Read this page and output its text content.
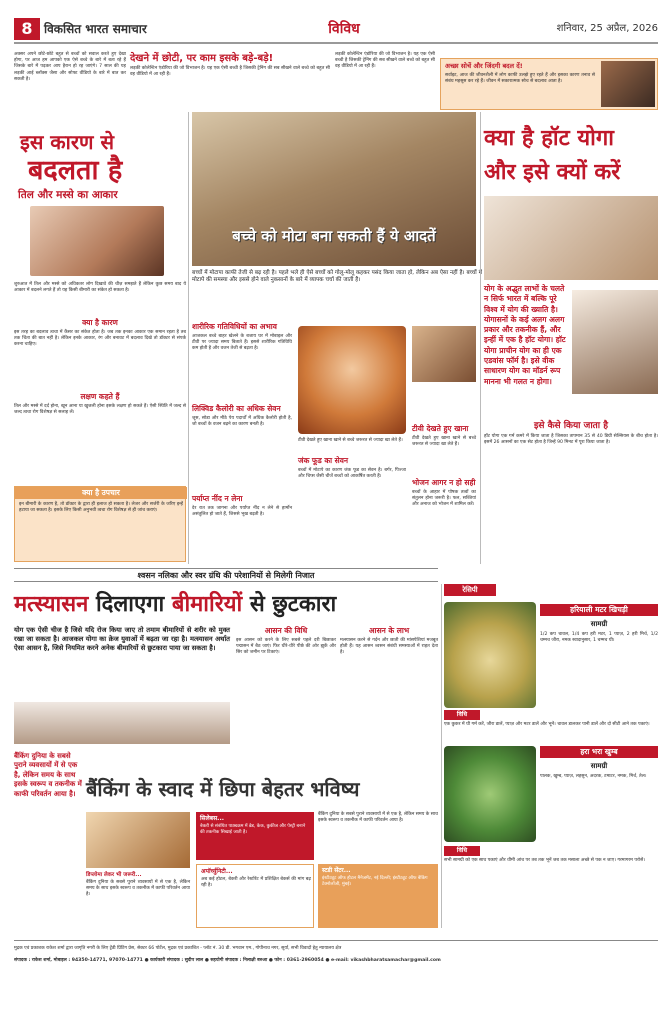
8 विकसित भारत समाचार	विविध	शनिवार, 25 अप्रैल, 2026
अक्सर अपने छोटे-छोटे बहुत से बच्चों को सवाल करते हुए देखा होगा, पर आज हम आपको एक ऐसे बच्चे के बारे में बता रहे हैं जिसके बारे में पढ़कर आप हैरान हो रह जाएंगे। 7 साल की यह लड़की आई ब्लॉक्स जैसा और सोफ्ट वीडियो के बारे में बात कर सकती है।
देखने में छोटी, पर काम इसके बड़े-बड़े!
लड़की कोलेन्टिन एंडोरिया की जो विभाजन है। यह एक ऐसी बच्ची है जिसकी ट्रेनिंग की सब सीखने वाले बच्चे को बहुत सी वह वीडियो में आ रही हैं।
लड़की कोलेन्टिन एंडोरिया की जो विभाजन है। यह एक ऐसी बच्ची है जिसकी ट्रेनिंग की सब सीखने वाले बच्चे को बहुत सी वह वीडियो में आ रही हैं।	अच्छा सोचें और जिंदगी बदल दें!
सर्वाइट, आज की जीवनशैली में लोग काफी उलझे हुए रहते हैं और इसका कारण तनाव से संबंध महसूस कर रहे हैं। जीवन में सकारात्मक सोच से बदलाव आता है।
इस कारण से
बदलता है
तिल और मस्से का आकार
शुरुआत में तिल और मस्से को अधिकतर लोग दिखावे की चीज़ समझते हैं लेकिन कुछ समय बाद ये आकार में बदलने लगते हैं तो यह किसी बीमारी का संकेत हो सकता है।
क्या है कारण
इस तरह का बदलाव त्वचा में कैंसर का संकेत होता है। जब तक इनका आकार एक समान रहता है तब तक चिंता की बात नहीं है। लेकिन इनके आकार, रंग और बनावट में बदलाव दिखे तो डॉक्टर से संपर्क करना चाहिए।
लक्षण कहते हैं
तिल और मस्से में दर्द होना, खून आना या खुजली होना इसके लक्षण हो सकते हैं। ऐसी स्थिति में जल्द से जल्द त्वचा रोग विशेषज्ञ से सलाह लें।
क्या है उपचार
इन बीमारी के कारण है, तो डॉक्टर के द्वारा ही इलाज हो सकता है। लेजर और सर्जरी के जरिए इन्हें हटाया जा सकता है। इसके लिए किसी अनुभवी त्वचा रोग विशेषज्ञ से ही जांच कराएं।
बच्चे को मोटा बना सकती हैं ये आदतें
बच्चों में मोटापा काफी तेजी से बढ़ रही है। पहले भले ही ऐसे बच्चों को गोलू-मोलू कहकर पसंद किया जाता हो, लेकिन अब ऐसा नहीं है। बच्चों में मोटापे की समस्या और इससे होने वाले नुकसानों के बारे में व्यापक चर्चा की जाती है।
शारीरिक गतिविधियों का अभाव
आजकल बच्चे बाहर खेलने के बजाय घर में मोबाइल और टीवी पर ज्यादा समय बिताते हैं। इससे शारीरिक गतिविधि कम होती है और वजन तेजी से बढ़ता है।
लिक्विड कैलोरी का अधिक सेवन
जूस, सोडा और मीठे पेय पदार्थों में अधिक कैलोरी होती है, जो बच्चों के वजन बढ़ने का कारण बनती है।
पर्याप्त नींद न लेना
देर रात तक जागना और पर्याप्त नींद न लेने से हार्मोन असंतुलित हो जाते हैं, जिससे भूख बढ़ती है।
टीवी देखते हुए खाना खाने से बच्चे जरूरत से ज्यादा खा लेते हैं।
जंक फूड का सेवन
बच्चों में मोटापे का कारण जंक फूड का सेवन है। बर्गर, पिज्जा और चिप्स जैसी चीजें बच्चों को आकर्षित करती हैं।
टीवी देखते हुए खाना
टीवी देखते हुए खाना खाने से बच्चे जरूरत से ज्यादा खा लेते हैं।
भोजन आगर न हो सही
बच्चों के आहार में पोषक तत्वों का संतुलन होना जरूरी है। फल, सब्जियां और अनाज को भोजन में शामिल करें।
क्या है हॉट योगा
और इसे क्यों करें
योग के अद्भुत लाभों के चलते न सिर्फ भारत में बल्कि पूरे विश्व में योग की ख्याति है। योगासनों के कई अलग अलग प्रकार और तकनीक हैं, और इन्हीं में एक है हॉट योगा। हॉट योगा प्राचीन योग का ही एक एडवांस फॉर्म है। इसे वीक साधारण योग का मॉडर्न रूप मानना भी गलत न होगा।
इसे कैसे किया जाता है
हॉट योगा एक गर्म कमरे में किया जाता है जिसका तापमान 35 से 40 डिग्री सेल्सियस के बीच होता है। इसमें 26 आसनों का एक सेट होता है जिन्हें 90 मिनट में पूरा किया जाता है।
श्वसन नलिका और स्वर ग्रंथि की परेशानियों से मिलेगी निजात
मत्स्यासन दिलाएगा बीमारियों से छुटकारा
योग एक ऐसी चीज है जिसे यदि रोज किया जाए तो तमाम बीमारियों से शरीर को मुक्त रखा जा सकता है। आजकल योगा का क्रेज युवाओं में बढ़ता जा रहा है। मत्स्यासन अर्थात ऐसा आसन है, जिसे नियमित करने अनेक बीमारियों से छुटकारा पाया जा सकता है।
आसन की विधि
इस आसन को करने के लिए सबसे पहले दरी बिछाकर पद्मासन में बैठ जाएं। फिर धीरे-धीरे पीछे की ओर झुकें और सिर को जमीन पर टिकाएं।
आसन के लाभ
मत्स्यासन करने से गर्दन और छाती की मांसपेशियां मजबूत होती हैं। यह आसन श्वसन संबंधी समस्याओं में राहत देता है।
बैंकिंग के स्वाद में छिपा बेहतर भविष्य
बैंकिंग दुनिया के सबसे पुराने व्यवसायों में से एक है, लेकिन समय के साथ इसके स्वरूप व तकनीक में काफी परिवर्तन आया है।
डिप्लोमा लेकर भी जरूरी...
बैंकिंग दुनिया के सबसे पुराने व्यवसायों में से एक है, लेकिन समय के साथ इसके स्वरूप व तकनीक में काफी परिवर्तन आया है।
सिलेबस...
बेकरी से संबंधित पाठ्यक्रम में ब्रेड, केक, कुकीज और पेस्ट्री बनाने की तकनीक सिखाई जाती है।
बैंकिंग दुनिया के सबसे पुराने व्यवसायों में से एक है, लेकिन समय के साथ इसके स्वरूप व तकनीक में काफी परिवर्तन आया है।
अपॉर्च्युनिटी...
अब कई होटल, बेकरी और रेस्टोरेंट में प्रशिक्षित बेकर्स की मांग बढ़ रही है।
स्टडी सेंटर...
इंस्टीट्यूट ऑफ होटल मैनेजमेंट, नई दिल्ली; इंस्टीट्यूट ऑफ बेकिंग टेक्नोलॉजी, मुंबई।
रेसिपी
हरियाली मटर खिचड़ी
सामग्री
1/2 कप चावल, 1/4 कप हरी मटर, 1 प्याज़, 2 हरी मिर्च, 1/2 चम्मच जीरा, नमक स्वादानुसार, 1 चम्मच घी।
विधि
एक कुकर में घी गर्म करें, जीरा डालें, प्याज़ और मटर डालें और भूनें। चावल डालकर पानी डालें और दो सीटी आने तक पकाएं।
हरा भरा खुम्ब
सामग्री
पालक, खुम्ब, प्याज़, लहसुन, अदरक, टमाटर, नमक, मिर्च, तेल।
विधि
सभी सामग्री को एक साथ पकाएं और धीमी आंच पर तब तक भूनें जब तक मसाला अच्छे से पक न जाए। गरमागरम परोसें।
मुद्रक एवं प्रकाशक राकेश शर्मा द्वारा जागृति नगरी के लिए ट्रेंडी प्रिंटिंग प्रेस, सेक्टर 66 पोर्टेल, मुद्रक एवं प्रकाशित - प्लॉट नं. 30 डी. भगवान एम., गोपीनाथ नगर, सूर्या, सभी विवादों हेतु न्यायालय क्षेत्र
संपादक : राकेश शर्मा, मोबाइल : 94350-14771, 97070-14771 ● कार्यकारी संपादक : सुदीप लाल ● सहयोगी संपादक : निलाक्षी बरुआ ● फोन : 0361-2960054 ● e-mail: vikashbharatsamachar@gmail.com
